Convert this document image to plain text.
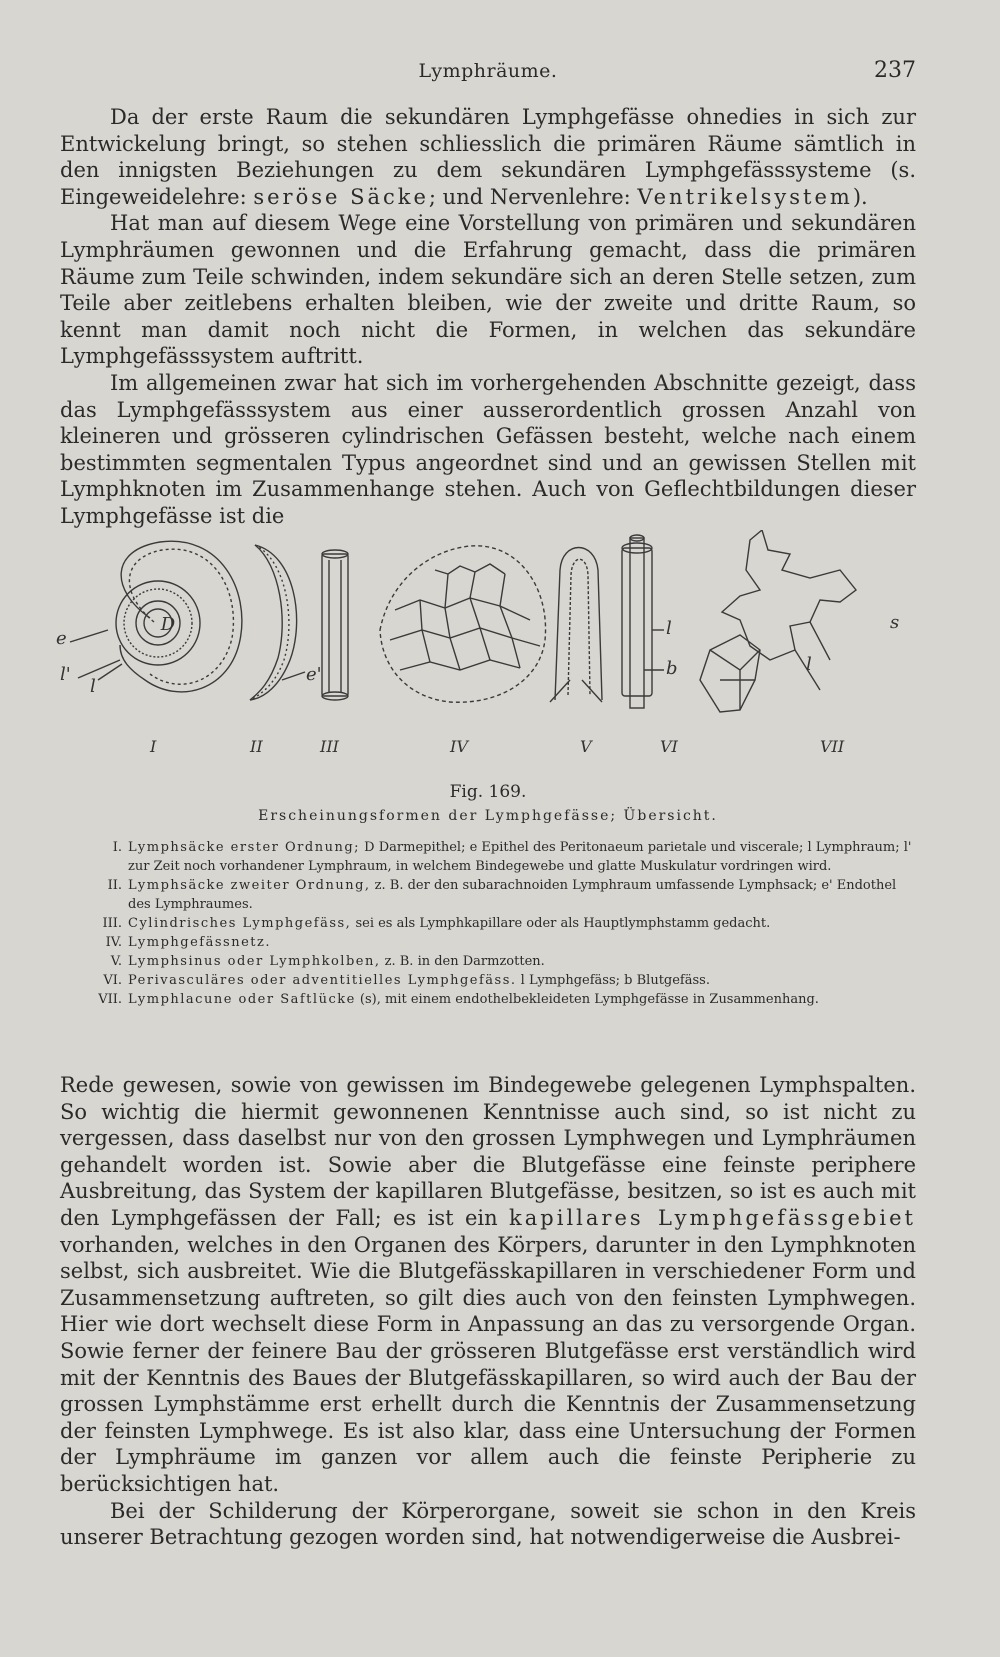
Lymphräume.	237

Da der erste Raum die sekundären Lymphgefässe ohnedies in sich zur Entwickelung bringt, so stehen schliesslich die primären Räume sämtlich in den innigsten Beziehungen zu dem sekundären Lymphgefässsysteme (s. Eingeweidelehre: seröse Säcke; und Nervenlehre: Ventrikelsystem).

Hat man auf diesem Wege eine Vorstellung von primären und sekundären Lymphräumen gewonnen und die Erfahrung gemacht, dass die primären Räume zum Teile schwinden, indem sekundäre sich an deren Stelle setzen, zum Teile aber zeitlebens erhalten bleiben, wie der zweite und dritte Raum, so kennt man damit noch nicht die Formen, in welchen das sekundäre Lymphgefässsystem auftritt.

Im allgemeinen zwar hat sich im vorhergehenden Abschnitte gezeigt, dass das Lymphgefässsystem aus einer ausserordentlich grossen Anzahl von kleineren und grösseren cylindrischen Gefässen besteht, welche nach einem bestimmten segmentalen Typus angeordnet sind und an gewissen Stellen mit Lymphknoten im Zusammenhange stehen. Auch von Geflechtbildungen dieser Lymphgefässe ist die

D
e
l'
l
e'
l
b
s
l
I	II	III	IV	V	VI	VII
Fig. 169.
Erscheinungsformen der Lymphgefässe; Übersicht.
I. Lymphsäcke erster Ordnung; D Darmepithel; e Epithel des Peritonaeum parietale und viscerale; l Lymphraum; l' zur Zeit noch vorhandener Lymphraum, in welchem Bindegewebe und glatte Muskulatur vordringen wird.
II. Lymphsäcke zweiter Ordnung, z. B. der den subarachnoiden Lymphraum umfassende Lymphsack; e' Endothel des Lymphraumes.
III. Cylindrisches Lymphgefäss, sei es als Lymphkapillare oder als Hauptlymphstamm gedacht.
IV. Lymphgefässnetz.
V. Lymphsinus oder Lymphkolben, z. B. in den Darmzotten.
VI. Perivasculäres oder adventitielles Lymphgefäss. l Lymphgefäss; b Blutgefäss.
VII. Lymphlacune oder Saftlücke (s), mit einem endothelbekleideten Lymphgefässe in Zusammenhang.

Rede gewesen, sowie von gewissen im Bindegewebe gelegenen Lymphspalten. So wichtig die hiermit gewonnenen Kenntnisse auch sind, so ist nicht zu vergessen, dass daselbst nur von den grossen Lymphwegen und Lymphräumen gehandelt worden ist. Sowie aber die Blutgefässe eine feinste periphere Ausbreitung, das System der kapillaren Blutgefässe, besitzen, so ist es auch mit den Lymphgefässen der Fall; es ist ein kapillares Lymphgefässgebiet vorhanden, welches in den Organen des Körpers, darunter in den Lymphknoten selbst, sich ausbreitet. Wie die Blutgefässkapillaren in verschiedener Form und Zusammensetzung auftreten, so gilt dies auch von den feinsten Lymphwegen. Hier wie dort wechselt diese Form in Anpassung an das zu versorgende Organ. Sowie ferner der feinere Bau der grösseren Blutgefässe erst verständlich wird mit der Kenntnis des Baues der Blutgefässkapillaren, so wird auch der Bau der grossen Lymphstämme erst erhellt durch die Kenntnis der Zusammensetzung der feinsten Lymphwege. Es ist also klar, dass eine Untersuchung der Formen der Lymphräume im ganzen vor allem auch die feinste Peripherie zu berücksichtigen hat.

Bei der Schilderung der Körperorgane, soweit sie schon in den Kreis unserer Betrachtung gezogen worden sind, hat notwendigerweise die Ausbrei-
